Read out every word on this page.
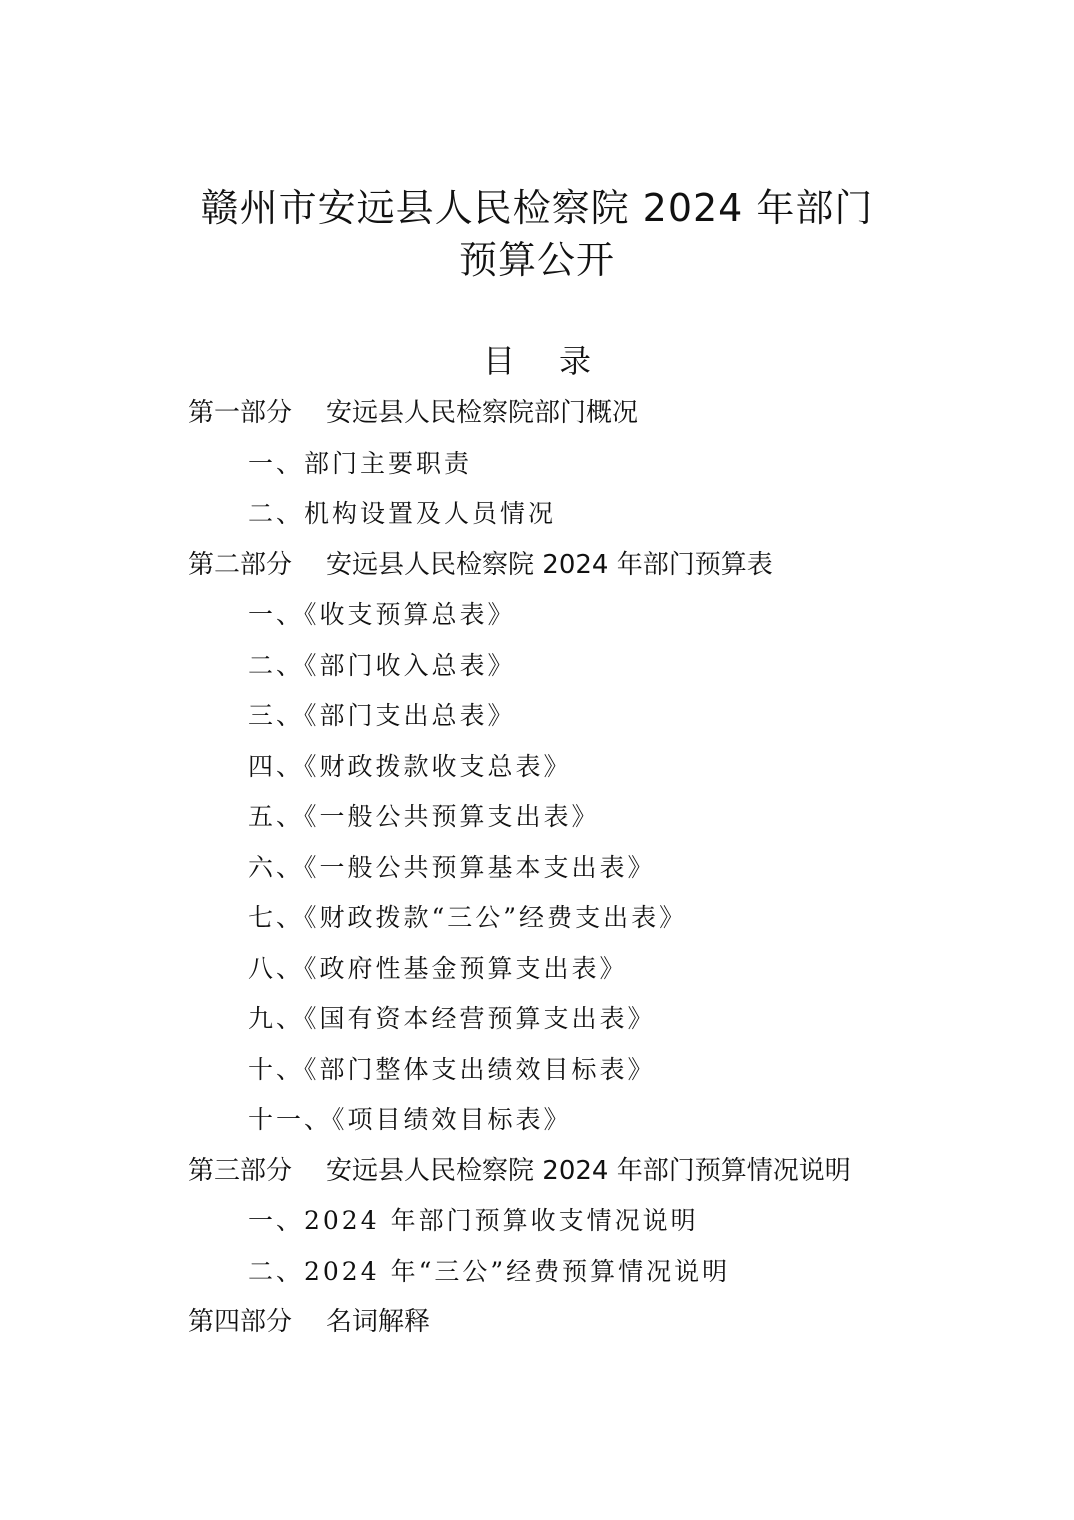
赣州市安远县人民检察院 2024 年部门
预算公开
目 录
第一部分 安远县人民检察院部门概况
一、部门主要职责
二、机构设置及人员情况
第二部分 安远县人民检察院 2024 年部门预算表
一、《收支预算总表》
二、《部门收入总表》
三、《部门支出总表》
四、《财政拨款收支总表》
五、《一般公共预算支出表》
六、《一般公共预算基本支出表》
七、《财政拨款“三公”经费支出表》
八、《政府性基金预算支出表》
九、《国有资本经营预算支出表》
十、《部门整体支出绩效目标表》
十一、《项目绩效目标表》
第三部分 安远县人民检察院 2024 年部门预算情况说明
一、2024 年部门预算收支情况说明
二、2024 年“三公”经费预算情况说明
第四部分 名词解释
